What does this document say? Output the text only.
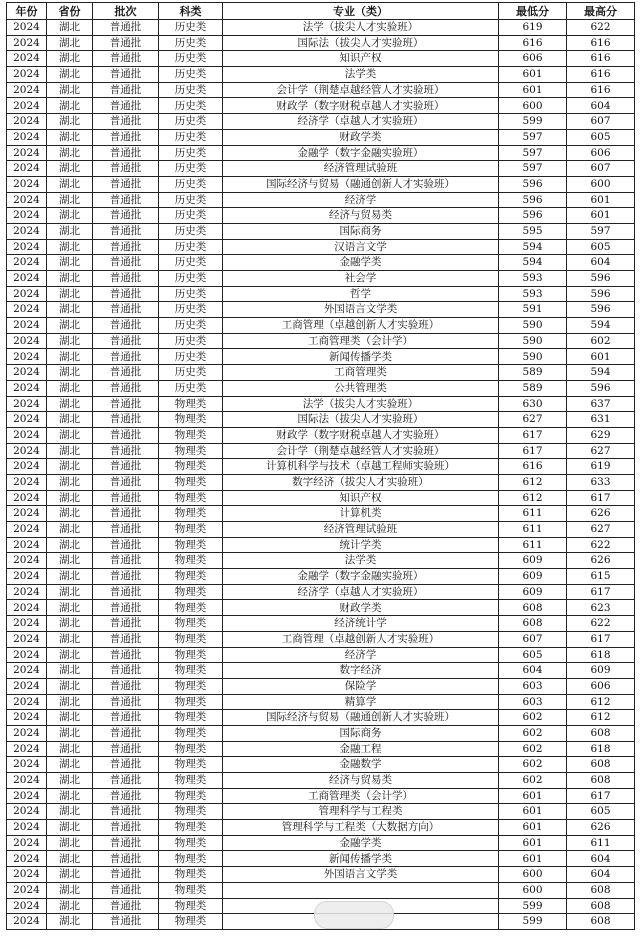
年份	省份	批次	科类	专业（类）	最低分	最高分
2024	湖北	普通批	历史类	法学（拔尖人才实验班）	619	622
2024	湖北	普通批	历史类	国际法（拔尖人才实验班）	616	616
2024	湖北	普通批	历史类	知识产权	606	616
2024	湖北	普通批	历史类	法学类	601	616
2024	湖北	普通批	历史类	会计学（荆楚卓越经管人才实验班）	601	616
2024	湖北	普通批	历史类	财政学（数字财税卓越人才实验班）	600	604
2024	湖北	普通批	历史类	经济学（卓越人才实验班）	599	607
2024	湖北	普通批	历史类	财政学类	597	605
2024	湖北	普通批	历史类	金融学（数字金融实验班）	597	606
2024	湖北	普通批	历史类	经济管理试验班	597	607
2024	湖北	普通批	历史类	国际经济与贸易（融通创新人才实验班）	596	600
2024	湖北	普通批	历史类	经济学	596	601
2024	湖北	普通批	历史类	经济与贸易类	596	601
2024	湖北	普通批	历史类	国际商务	595	597
2024	湖北	普通批	历史类	汉语言文学	594	605
2024	湖北	普通批	历史类	金融学类	594	604
2024	湖北	普通批	历史类	社会学	593	596
2024	湖北	普通批	历史类	哲学	593	596
2024	湖北	普通批	历史类	外国语言文学类	591	596
2024	湖北	普通批	历史类	工商管理（卓越创新人才实验班）	590	594
2024	湖北	普通批	历史类	工商管理类（会计学）	590	602
2024	湖北	普通批	历史类	新闻传播学类	590	601
2024	湖北	普通批	历史类	工商管理类	589	594
2024	湖北	普通批	历史类	公共管理类	589	596
2024	湖北	普通批	物理类	法学（拔尖人才实验班）	630	637
2024	湖北	普通批	物理类	国际法（拔尖人才实验班）	627	631
2024	湖北	普通批	物理类	财政学（数字财税卓越人才实验班）	617	629
2024	湖北	普通批	物理类	会计学（荆楚卓越经管人才实验班）	617	627
2024	湖北	普通批	物理类	计算机科学与技术（卓越工程师实验班）	616	619
2024	湖北	普通批	物理类	数字经济（拔尖人才实验班）	612	633
2024	湖北	普通批	物理类	知识产权	612	617
2024	湖北	普通批	物理类	计算机类	611	626
2024	湖北	普通批	物理类	经济管理试验班	611	627
2024	湖北	普通批	物理类	统计学类	611	622
2024	湖北	普通批	物理类	法学类	609	626
2024	湖北	普通批	物理类	金融学（数字金融实验班）	609	615
2024	湖北	普通批	物理类	经济学（卓越人才实验班）	609	617
2024	湖北	普通批	物理类	财政学类	608	623
2024	湖北	普通批	物理类	经济统计学	608	622
2024	湖北	普通批	物理类	工商管理（卓越创新人才实验班）	607	617
2024	湖北	普通批	物理类	经济学	605	618
2024	湖北	普通批	物理类	数字经济	604	609
2024	湖北	普通批	物理类	保险学	603	606
2024	湖北	普通批	物理类	精算学	603	612
2024	湖北	普通批	物理类	国际经济与贸易（融通创新人才实验班）	602	612
2024	湖北	普通批	物理类	国际商务	602	608
2024	湖北	普通批	物理类	金融工程	602	618
2024	湖北	普通批	物理类	金融数学	602	608
2024	湖北	普通批	物理类	经济与贸易类	602	608
2024	湖北	普通批	物理类	工商管理类（会计学）	601	617
2024	湖北	普通批	物理类	管理科学与工程类	601	605
2024	湖北	普通批	物理类	管理科学与工程类（大数据方向）	601	626
2024	湖北	普通批	物理类	金融学类	601	611
2024	湖北	普通批	物理类	新闻传播学类	601	604
2024	湖北	普通批	物理类	外国语言文学类	600	604
2024	湖北	普通批	物理类		600	608
2024	湖北	普通批	物理类		599	608
2024	湖北	普通批	物理类		599	608
